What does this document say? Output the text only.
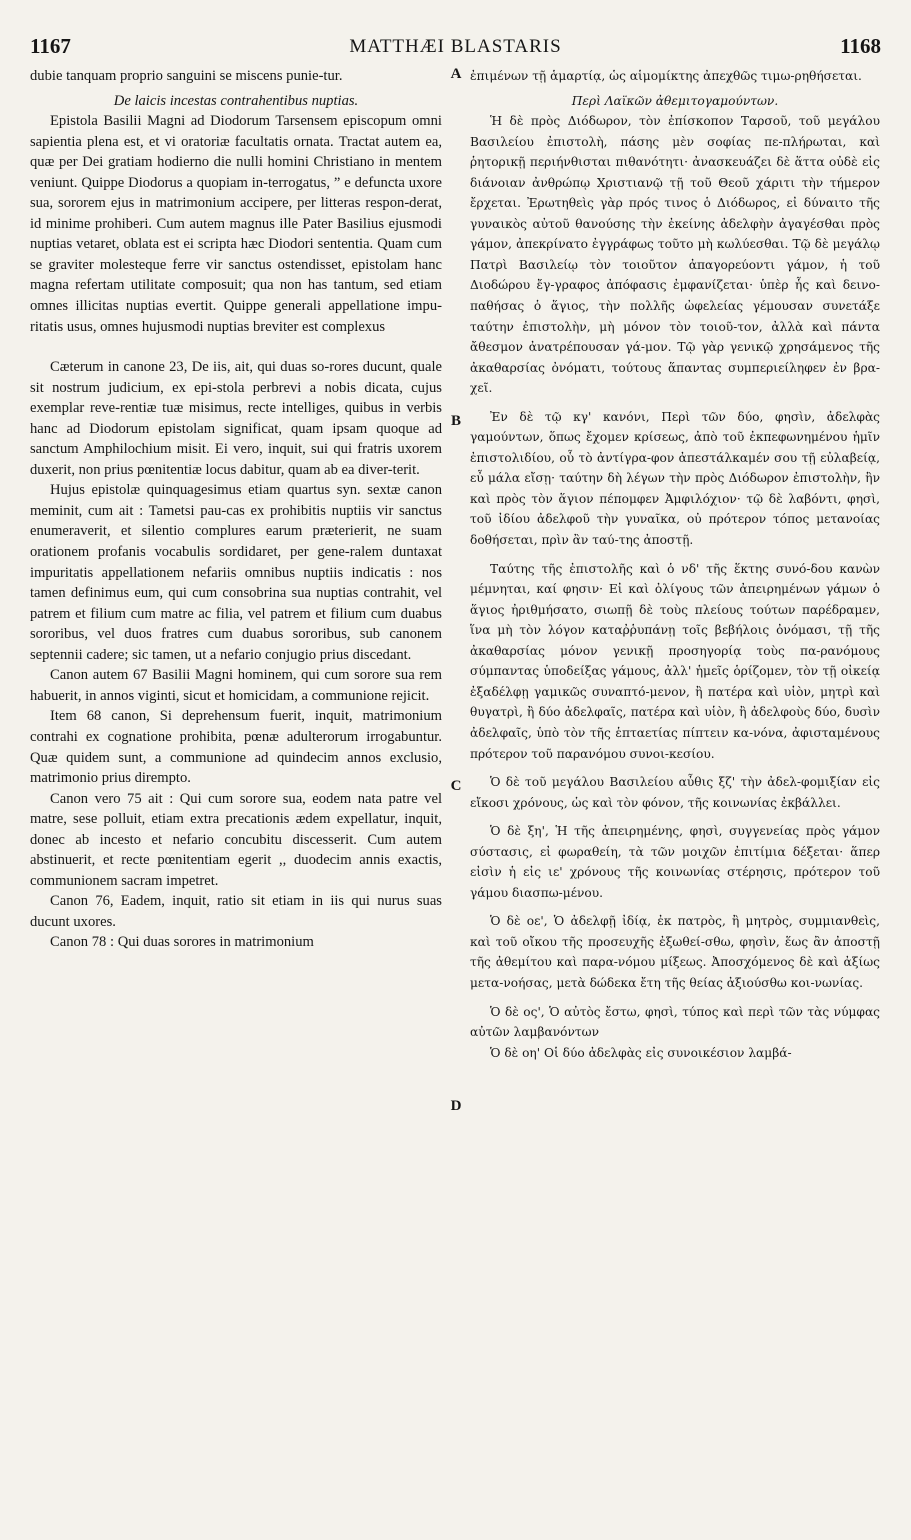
1167	MATTHÆI BLASTARIS	1168
A
B
C
D

dubie tanquam proprio sanguini se miscens punie-tur.

De laicis incestas contrahentibus nuptias.

Epistola Basilii Magni ad Diodorum Tarsensem episcopum omni sapientia plena est, et vi oratoriæ facultatis ornata. Tractat autem ea, quæ per Dei gratiam hodierno die nulli homini Christiano in mentem veniunt. Quippe Diodorus a quopiam in-terrogatus, ” e defuncta uxore sua, sororem ejus in matrimonium accipere, per litteras respon-derat, id minime prohiberi. Cum autem magnus ille Pater Basilius ejusmodi nuptias vetaret, oblata est ei scripta hæc Diodori sententia. Quam cum se graviter molesteque ferre vir sanctus ostendisset, epistolam hanc magna refertam utilitate composuit; qua non has tantum, sed etiam omnes illicitas nuptias evertit. Quippe generali appellatione impu-ritatis usus, omnes hujusmodi nuptias breviter est complexus

Cæterum in canone 23, De iis, ait, qui duas so-rores ducunt, quale sit nostrum judicium, ex epi-stola perbrevi a nobis dicata, cujus exemplar reve-rentiæ tuæ misimus, recte intelliges, quibus in verbis hanc ad Diodorum epistolam significat, quam ipsam quoque ad sanctum Amphilochium misit. Ei vero, inquit, sui qui fratris uxorem duxerit, non prius pœnitentiæ locus dabitur, quam ab ea diver-terit.

Hujus epistolæ quinquagesimus etiam quartus syn. sextæ canon meminit, cum ait : Tametsi pau-cas ex prohibitis nuptiis vir sanctus enumeraverit, et silentio complures earum præterierit, ne suam orationem profanis vocabulis sordidaret, per gene-ralem duntaxat impuritatis appellationem nefariis omnibus nuptiis indicatis : nos tamen definimus eum, qui cum consobrina sua nuptias contrahit, vel patrem et filium cum matre ac filia, vel patrem et filium cum duabus sororibus, vel duos fratres cum duabus sororibus, sub canonem septennii cadere; sic tamen, ut a nefario conjugio prius discedant.

Canon autem 67 Basilii Magni hominem, qui cum sorore sua rem habuerit, in annos viginti, sicut et homicidam, a communione rejicit.

Item 68 canon, Si deprehensum fuerit, inquit, matrimonium contrahi ex cognatione prohibita, pœnæ adulterorum irrogabuntur. Quæ quidem sunt, a communione ad quindecim annos exclusio, matrimonio prius dirempto.

Canon vero 75 ait : Qui cum sorore sua, eodem nata patre vel matre, sese polluit, etiam extra precationis ædem expellatur, inquit, donec ab incesto et nefario concubitu discesserit. Cum autem abstinuerit, et recte pœnitentiam egerit ,, duodecim annis exactis, communionem sacram impetret.

Canon 76, Eadem, inquit, ratio sit etiam in iis qui nurus suas ducunt uxores.

Canon 78 : Qui duas sorores in matrimonium

ἐπιμένων τῇ ἁμαρτίᾳ, ὡς αἱμομίκτης ἀπεχθῶς τιμω-ρηθήσεται.

Περὶ Λαϊκῶν ἀθεμιτογαμούντων.

Ἡ δὲ πρὸς Διόδωρον, τὸν ἐπίσκοπον Ταρσοῦ, τοῦ μεγάλου Βασιλείου ἐπιστολὴ, πάσης μὲν σοφίας πε-πλήρωται, καὶ ῥητορικῇ περιήνθισται πιθανότητι· ἀνασκευάζει δὲ ἅττα οὐδὲ εἰς διάνοιαν ἀνθρώπῳ Χριστιανῷ τῇ τοῦ Θεοῦ χάριτι τὴν τήμερον ἔρχεται. Ἐρωτηθεὶς γὰρ πρός τινος ὁ Διόδωρος, εἰ δύναιτο τῆς γυναικὸς αὐτοῦ θανούσης τὴν ἐκείνης ἀδελφὴν ἀγαγέσθαι πρὸς γάμον, ἀπεκρίνατο ἐγγράφως τοῦτο μὴ κωλύεσθαι. Τῷ δὲ μεγάλῳ Πατρὶ Βασιλείῳ τὸν τοιοῦτον ἀπαγορεύοντι γάμον, ἡ τοῦ Διοδώρου ἔγ-γραφος ἀπόφασις ἐμφανίζεται· ὑπὲρ ἧς καὶ δεινο-παθήσας ὁ ἅγιος, τὴν πολλῆς ὠφελείας γέμουσαν συνετάξε ταύτην ἐπιστολὴν, μὴ μόνον τὸν τοιοῦ-τον, ἀλλὰ καὶ πάντα ἄθεσμον ἀνατρέπουσαν γά-μον. Τῷ γὰρ γενικῷ χρησάμενος τῆς ἀκαθαρσίας ὀνόματι, τούτους ἅπαντας συμπεριείληφεν ἐν βρα-χεῖ.

Ἐν δὲ τῷ κγ' κανόνι, Περὶ τῶν δύο, φησὶν, ἀδελφὰς γαμούντων, ὅπως ἔχομεν κρίσεως, ἀπὸ τοῦ ἐκπεφωνημένου ἡμῖν ἐπιστολιδίου, οὗ τὸ ἀντίγρα-φον ἀπεστάλκαμέν σου τῇ εὐλαβείᾳ, εὖ μάλα εἴσῃ· ταύτην δὴ λέγων τὴν πρὸς Διόδωρον ἐπιστολὴν, ἣν καὶ πρὸς τὸν ἅγιον πέπομφεν Ἀμφιλόχιον· τῷ δὲ λαβόντι, φησὶ, τοῦ ἰδίου ἀδελφοῦ τὴν γυναῖκα, οὐ πρότερον τόπος μετανοίας δοθήσεται, πρὶν ἂν ταύ-της ἀποστῇ.

Ταύτης τῆς ἐπιστολῆς καὶ ὁ νδ' τῆς ἕκτης συνό-δου κανὼν μέμνηται, καί φησιν· Εἰ καὶ ὀλίγους τῶν ἀπειρημένων γάμων ὁ ἅγιος ἠριθμήσατο, σιωπῇ δὲ τοὺς πλείους τούτων παρέδραμεν, ἵνα μὴ τὸν λόγον καταῤῥυπάνῃ τοῖς βεβήλοις ὀνόμασι, τῇ τῆς ἀκαθαρσίας μόνον γενικῇ προσηγορίᾳ τοὺς πα-ρανόμους σύμπαντας ὑποδείξας γάμους, ἀλλ' ἡμεῖς ὁρίζομεν, τὸν τῇ οἰκείᾳ ἐξαδέλφῃ γαμικῶς συναπτό-μενον, ἢ πατέρα καὶ υἱὸν, μητρὶ καὶ θυγατρὶ, ἢ δύο ἀδελφαῖς, πατέρα καὶ υἱὸν, ἢ ἀδελφοὺς δύο, δυσὶν ἀδελφαῖς, ὑπὸ τὸν τῆς ἑπταετίας πίπτειν κα-νόνα, ἀφισταμένους πρότερον τοῦ παρανόμου συνοι-κεσίου.

Ὁ δὲ τοῦ μεγάλου Βασιλείου αὖθις ξζ' τὴν ἀδελ-φομιξίαν εἰς εἴκοσι χρόνους, ὡς καὶ τὸν φόνον, τῆς κοινωνίας ἐκβάλλει.

Ὁ δὲ ξη', Ἡ τῆς ἀπειρημένης, φησὶ, συγγενείας πρὸς γάμον σύστασις, εἰ φωραθείη, τὰ τῶν μοιχῶν ἐπιτίμια δέξεται· ἅπερ εἰσὶν ἡ εἰς ιε' χρόνους τῆς κοινωνίας στέρησις, πρότερον τοῦ γάμου διασπω-μένου.

Ὁ δὲ οε', Ὁ ἀδελφῇ ἰδίᾳ, ἐκ πατρὸς, ἢ μητρὸς, συμμιανθεὶς, καὶ τοῦ οἴκου τῆς προσευχῆς ἐξωθεί-σθω, φησὶν, ἕως ἂν ἀποστῇ τῆς ἀθεμίτου καὶ παρα-νόμου μίξεως. Ἀποσχόμενος δὲ καὶ ἀξίως μετα-νοήσας, μετὰ δώδεκα ἔτη τῆς θείας ἀξιούσθω κοι-νωνίας.

Ὁ δὲ ος', Ὁ αὐτὸς ἔστω, φησὶ, τύπος καὶ περὶ τῶν τὰς νύμφας αὐτῶν λαμβανόντων

Ὁ δὲ οη' Οἱ δύο ἀδελφὰς εἰς συνοικέσιον λαμβά-
